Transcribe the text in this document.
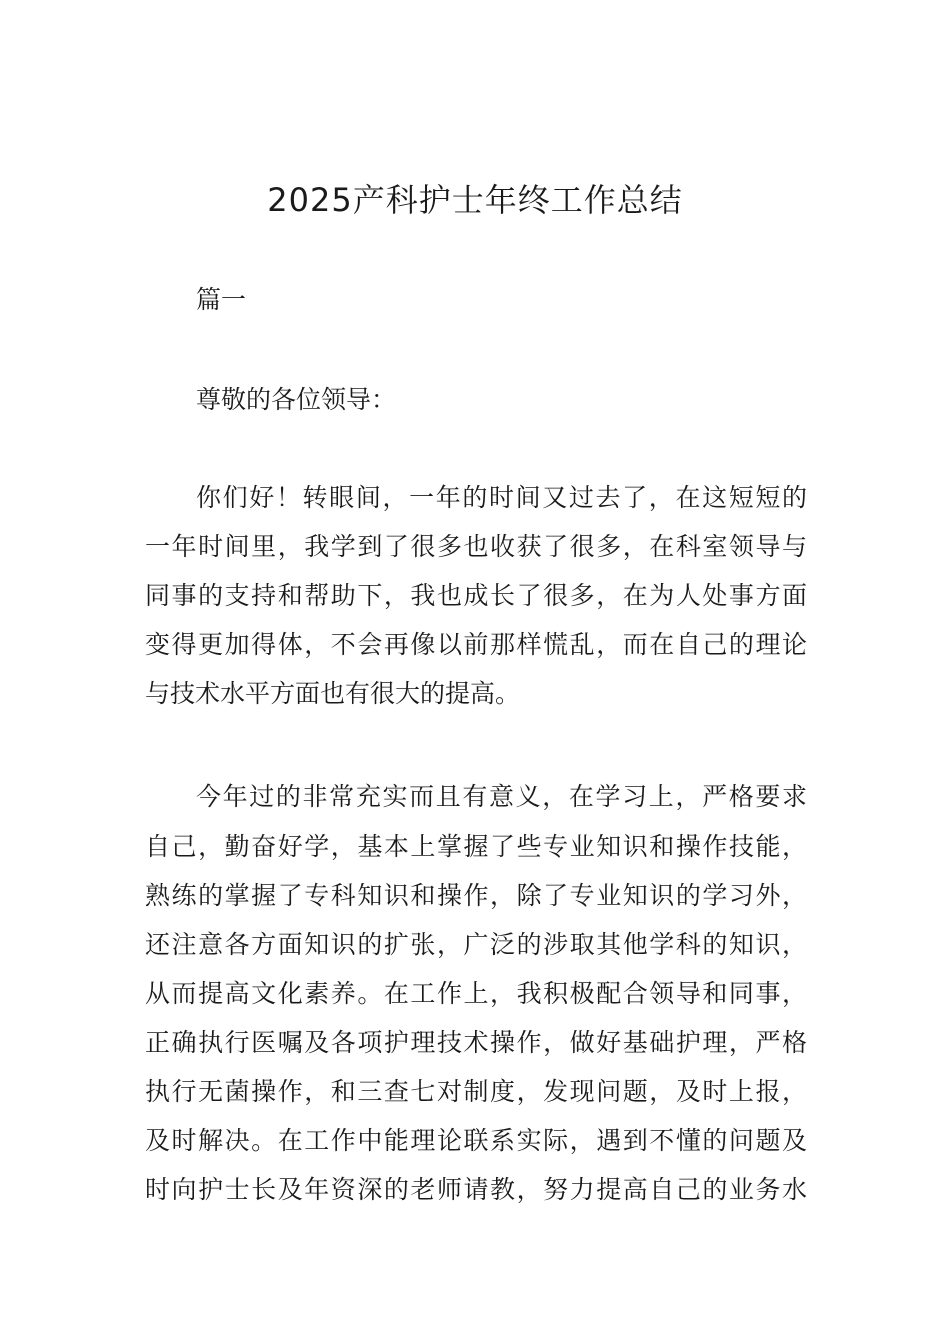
2025产科护士年终工作总结
篇一
尊敬的各位领导：
你们好！转眼间，一年的时间又过去了，在这短短的
一年时间里，我学到了很多也收获了很多，在科室领导与
同事的支持和帮助下，我也成长了很多，在为人处事方面
变得更加得体，不会再像以前那样慌乱，而在自己的理论
与技术水平方面也有很大的提高。
今年过的非常充实而且有意义，在学习上，严格要求
自己，勤奋好学，基本上掌握了些专业知识和操作技能，
熟练的掌握了专科知识和操作，除了专业知识的学习外，
还注意各方面知识的扩张，广泛的涉取其他学科的知识，
从而提高文化素养。在工作上，我积极配合领导和同事，
正确执行医嘱及各项护理技术操作，做好基础护理，严格
执行无菌操作，和三查七对制度，发现问题，及时上报，
及时解决。在工作中能理论联系实际，遇到不懂的问题及
时向护士长及年资深的老师请教，努力提高自己的业务水
